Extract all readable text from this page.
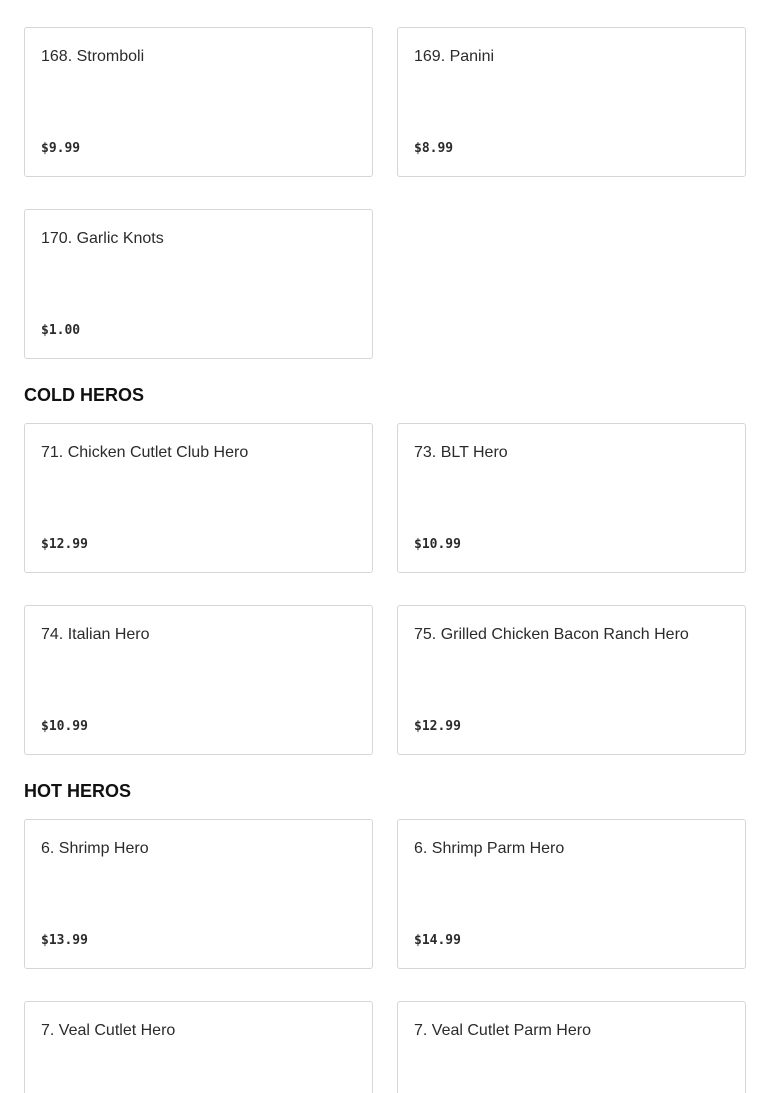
168. Stromboli
$9.99
169. Panini
$8.99
170. Garlic Knots
$1.00
COLD HEROS
71. Chicken Cutlet Club Hero
$12.99
73. BLT Hero
$10.99
74. Italian Hero
$10.99
75. Grilled Chicken Bacon Ranch Hero
$12.99
HOT HEROS
6. Shrimp Hero
$13.99
6. Shrimp Parm Hero
$14.99
7. Veal Cutlet Hero	7. Veal Cutlet Parm Hero
